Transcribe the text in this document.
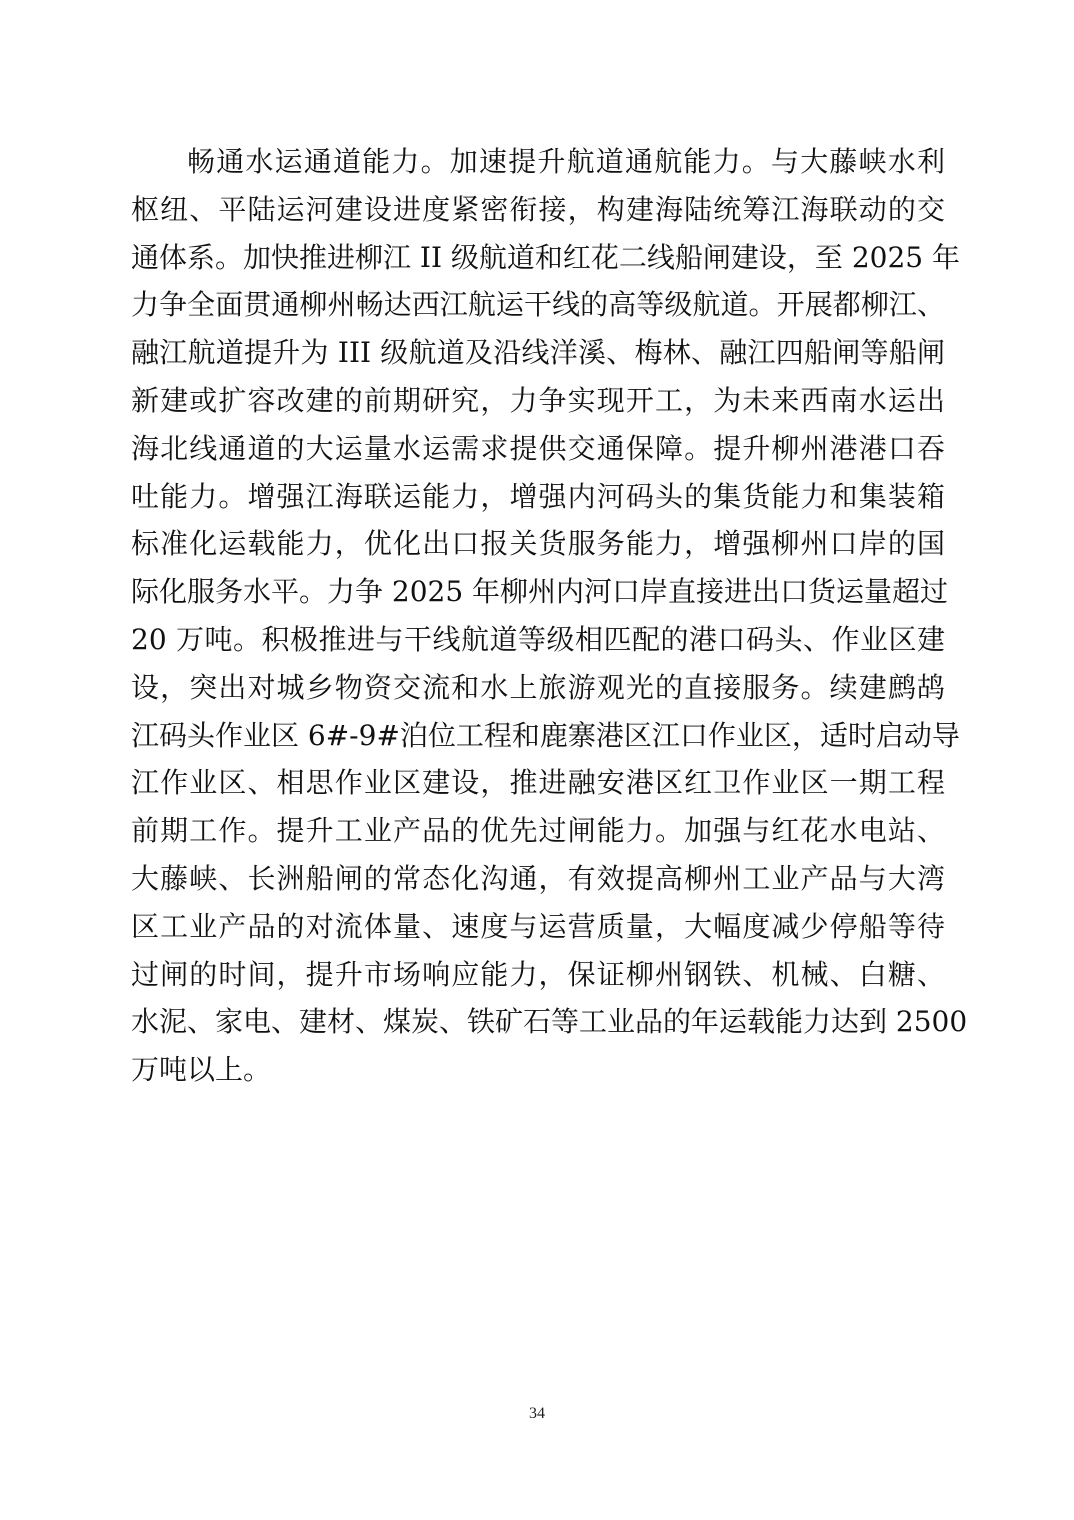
畅通水运通道能力。加速提升航道通航能力。与大藤峡水利
枢纽、平陆运河建设进度紧密衔接，构建海陆统筹江海联动的交
通体系。加快推进柳江 II 级航道和红花二线船闸建设，至 2025 年
力争全面贯通柳州畅达西江航运干线的高等级航道。开展都柳江、
融江航道提升为 III 级航道及沿线洋溪、梅林、融江四船闸等船闸
新建或扩容改建的前期研究，力争实现开工，为未来西南水运出
海北线通道的大运量水运需求提供交通保障。提升柳州港港口吞
吐能力。增强江海联运能力，增强内河码头的集货能力和集装箱
标准化运载能力，优化出口报关货服务能力，增强柳州口岸的国
际化服务水平。力争 2025 年柳州内河口岸直接进出口货运量超过
20 万吨。积极推进与干线航道等级相匹配的港口码头、作业区建
设，突出对城乡物资交流和水上旅游观光的直接服务。续建鹧鸪
江码头作业区 6#-9#泊位工程和鹿寨港区江口作业区，适时启动导
江作业区、相思作业区建设，推进融安港区红卫作业区一期工程
前期工作。提升工业产品的优先过闸能力。加强与红花水电站、
大藤峡、长洲船闸的常态化沟通，有效提高柳州工业产品与大湾
区工业产品的对流体量、速度与运营质量，大幅度减少停船等待
过闸的时间，提升市场响应能力，保证柳州钢铁、机械、白糖、
水泥、家电、建材、煤炭、铁矿石等工业品的年运载能力达到 2500
万吨以上。
34
